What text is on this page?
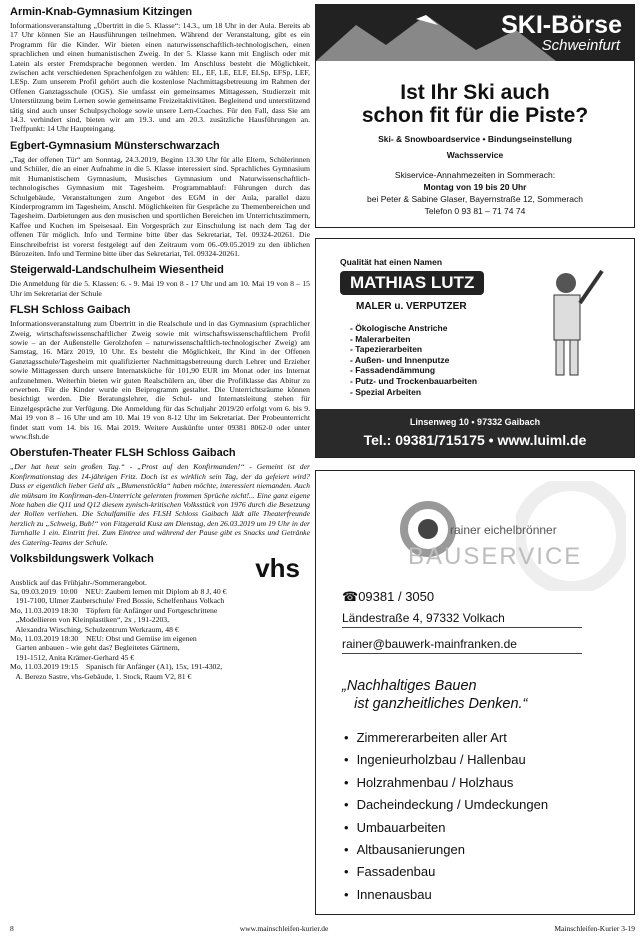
Armin-Knab-Gymnasium Kitzingen

Informationsveranstaltung „Übertritt in die 5. Klasse“: 14.3., um 18 Uhr in der Aula. Bereits ab 17 Uhr können Sie an Hausführungen teilnehmen. Während der Veranstaltung, gibt es ein Programm für die Kinder. Wir bieten einen naturwissenschaftlich-technologischen, einen sprachlichen und einen humanistischen Zweig. In der 5. Klasse kann mit Englisch oder mit Latein als erster Fremdsprache begonnen werden. Im Anschluss besteht die Möglichkeit, zwischen acht verschiedenen Sprachenfolgen zu wählen: EL, EF, LE, ELF, ELSp, EFSp, LEF, LESp. Zum unserem Profil gehört auch die kostenlose Nachmittagsbetreuung im Rahmen der Offenen Ganztagsschule (OGS). Sie umfasst ein gemeinsames Mittagessen, Studierzeit mit Unterstützung beim Lernen sowie gemeinsame Freizeitaktivitäten. Begleitend und unterstützend tätig sind auch unser Schulpsychologe sowie unsere Lern-Coaches. Für den Fall, dass Sie am 14.3. verhindert sind, bieten wir am 19.3. und am 20.3. zusätzliche Hausführungen an. Treffpunkt: 14 Uhr Haupteingang.

Egbert-Gymnasium Münsterschwarzach

„Tag der offenen Tür“ am Sonntag, 24.3.2019, Beginn 13.30 Uhr für alle Eltern, Schülerinnen und Schüler, die an einer Aufnahme in die 5. Klasse interessiert sind. Sprachliches Gymnasium mit Humanistischem Gymnasium, Musisches Gymnasium und Naturwissenschaftlich-technologisches Gymnasium mit Tagesheim. Programmablauf: Führungen durch das Schulgebäude, Veranstaltungen zum Angebot des EGM in der Aula, parallel dazu Kinderprogramm im Tagesheim, Anschl. Möglichkeiten für Gespräche zu Themenbereichen und Tagesheim. Darbietungen aus den musischen und sportlichen Bereichen im Unterrichtszimmern, Kaffee und Kuchen im Speisesaal. Ein Vorgespräch zur Einschulung ist nach dem Tag der offenen Tür möglich. Info und Termine bitte über das Sekretariat, Tel. 09324-20261. Die Einschreibefrist ist vorerst festgelegt auf den Zeitraum vom 06.-09.05.2019 zu den üblichen Bürozeiten. Info und Termine bitte über das Sekretariat, Tel. 09324-20261.

Steigerwald-Landschulheim Wiesentheid

Die Anmeldung für die 5. Klassen: 6. - 9. Mai 19 von 8 - 17 Uhr und am 10. Mai 19 von 8 – 15 Uhr im Sekretariat der Schule

FLSH Schloss Gaibach

Informationsveranstaltung zum Übertritt in die Realschule und in das Gymnasium (sprachlicher Zweig, wirtschaftswissenschaftlicher Zweig sowie mit wirtschaftswissenschaftlichem Profil sowie – an der Außenstelle Gerolzhofen – naturwissenschaftlich-technologischer Zweig) am Samstag, 16. März 2019, 10 Uhr. Es besteht die Möglichkeit, Ihr Kind in der Offenen Ganztagsschule/Tagesheim mit qualifizierter Nachmittagsbetreuung durch Lehrer und Erzieher sowie Mittagessen durch unsere Internatsküche für 101,90 EUR im Monat oder ins Internat aufzunehmen. Weiterhin bieten wir guten Realschülern an, über die Profilklasse das Abitur zu erwerben. Für die Kinder wurde ein Beiprogramm gestaltet. Die Unterrichtsräume können besichtigt werden. Die Beratungslehrer, die Schul- und Internatsleitung stehen für Einzelgespräche zur Verfügung. Die Anmeldung für das Schuljahr 2019/20 erfolgt vom 6. bis 9. Mai 19 von 8 – 16 Uhr und am 10. Mai 19 von 8-12 Uhr im Sekretariat. Der Probeunterricht findet statt vom 14. bis 16. Mai 2019. Weitere Auskünfte unter 09381 8062-0 oder unter www.flsh.de

Oberstufen-Theater FLSH Schloss Gaibach

„Der hat heut sein großen Tag.“ - „Prost auf den Konfirmanden!“ - Gemeint ist der Konfirmationstag des 14-jährigen Fritz. Doch ist es wirklich sein Tag, der da gefeiert wird? Dass er eigentlich lieber Geld als „Blumenstöckla“ haben möchte, interessiert niemanden. Auch die mühsam im Konfirman-den-Unterricht gelernten frommen Sprüche nicht!... Eine ganz eigene Note haben die Q11 und Q12 diesem zynisch-kritischen Volksstück von 1976 durch die Besetzung der Rollen verliehen. Die Schulfamilie des FLSH Schloss Gaibach lädt alle Theaterfreunde herzlich zu „Schweig, Bub!“ von Fitzgerald Kusz am Dienstag, den 26.03.2019 um 19 Uhr in der Turnhalle 1 ein. Eintritt frei. Zum Eintree und während der Pause gibt es Snacks und Getränke des Catering-Teams der Schule.

Volksbildungswerk Volkach	vhs

Ausblick auf das Frühjahr-/Sommerangebot.
Sa, 09.03.2019  10:00    NEU: Zaubern lernen mit Diplom ab 8 J, 40 €
191-7100, Ulmer Zauberschule/ Fred Bossie, Schelfenhaus Volkach
Mo, 11.03.2019 18:30    Töpfern für Anfänger und Fortgeschrittene
„Modellieren von Kleinplastiken“, 2x , 191-2203,
Alexandra Wirsching, Schulzentrum Werkraum, 48 €
Mo, 11.03.2019 18:30    NEU: Obst und Gemüse im eigenen
Garten anbauen - wie geht das? Begleitetes Gärtnern,
191-1512, Anita Krämer-Gerhard 45 €
Mo, 11.03.2019 19:15    Spanisch für Anfänger (A1), 15x, 191-4302,
A. Berezo Sastre, vhs-Gebäude, 1. Stock, Raum V2, 81 €

SKI-Börse
Schweinfurt
Ist Ihr Ski auch
schon fit für die Piste?
Ski- & Snowboardservice • Bindungseinstellung
Wachsservice
Skiservice-Annahmezeiten in Sommerach:
Montag von 19 bis 20 Uhr
bei Peter & Sabine Glaser, Bayernstraße 12, Sommerach
Telefon 0 93 81 – 71 74 74
Qualität hat einen Namen
MATHIAS LUTZ
MALER u. VERPUTZER
- Ökologische Anstriche
- Malerarbeiten
- Tapezierarbeiten
- Außen- und Innenputze
- Fassadendämmung
- Putz- und Trockenbauarbeiten
- Spezial Arbeiten
Linsenweg 10 • 97332 Gaibach
Tel.: 09381/715175 • www.luiml.de
rainer eichelbrönner
BAUSERVICE
☎09381 / 3050
Ländestraße 4, 97332 Volkach
rainer@bauwerk-mainfranken.de
„Nachhaltiges Bauen
ist ganzheitliches Denken.“
• Zimmererarbeiten aller Art
• Ingenieurholzbau / Hallenbau
• Holzrahmenbau / Holzhaus
• Dacheindeckung / Umdeckungen
• Umbauarbeiten
• Altbausanierungen
• Fassadenbau
• Innenausbau
8	www.mainschleifen-kurier.de	Mainschleifen-Kurier 3-19
